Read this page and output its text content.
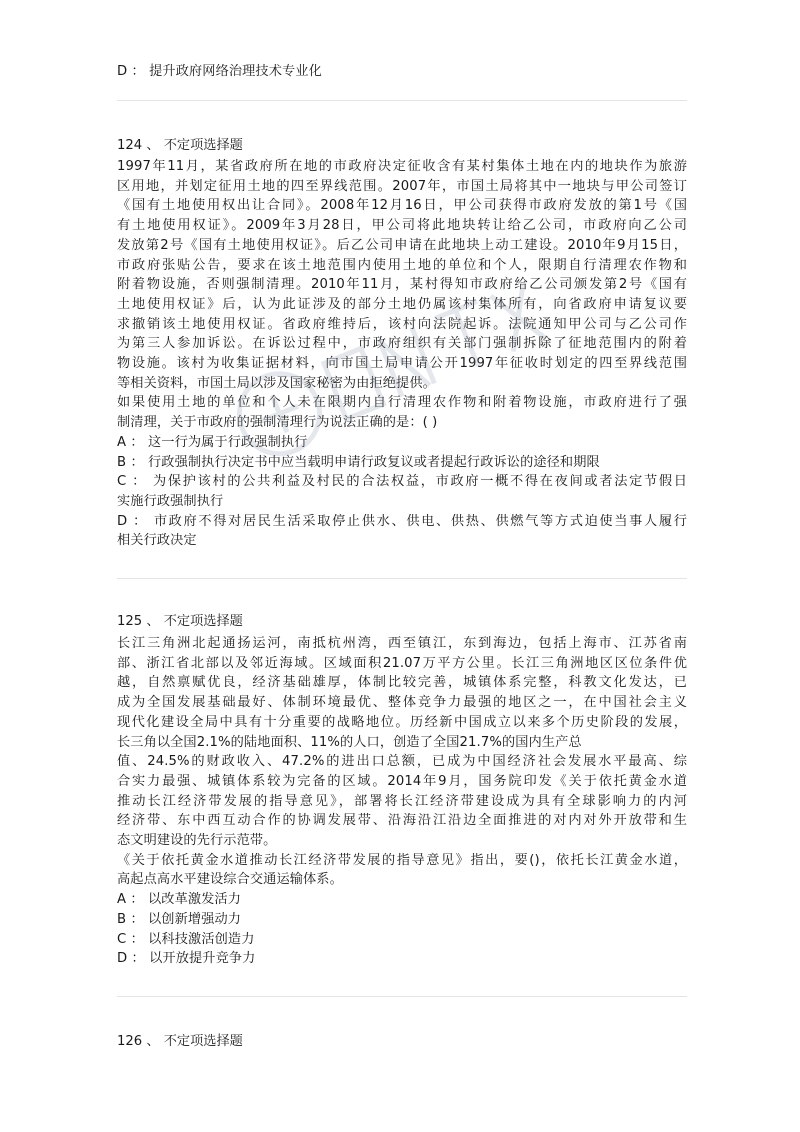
D ： 提升政府网络治理技术专业化
124 、 不定项选择题
1997年11月，某省政府所在地的市政府决定征收含有某村集体土地在内的地块作为旅游
区用地，并划定征用土地的四至界线范围。2007年，市国土局将其中一地块与甲公司签订
《国有土地使用权出让合同》。2008年12月16日，甲公司获得市政府发放的第1号《国
有土地使用权证》。2009年3月28日，甲公司将此地块转让给乙公司，市政府向乙公司
发放第2号《国有土地使用权证》。后乙公司申请在此地块上动工建设。2010年9月15日，
市政府张贴公告，要求在该土地范围内使用土地的单位和个人，限期自行清理农作物和
附着物设施，否则强制清理。2010年11月，某村得知市政府给乙公司颁发第2号《国有
土地使用权证》后，认为此证涉及的部分土地仍属该村集体所有，向省政府申请复议要
求撤销该土地使用权证。省政府维持后，该村向法院起诉。法院通知甲公司与乙公司作
为第三人参加诉讼。在诉讼过程中，市政府组织有关部门强制拆除了征地范围内的附着
物设施。该村为收集证据材料，向市国土局申请公开1997年征收时划定的四至界线范围
等相关资料，市国土局以涉及国家秘密为由拒绝提供。
如果使用土地的单位和个人未在限期内自行清理农作物和附着物设施，市政府进行了强
制清理，关于市政府的强制清理行为说法正确的是：( )
A ： 这一行为属于行政强制执行
B ： 行政强制执行决定书中应当载明申请行政复议或者提起行政诉讼的途径和期限
C ： 为保护该村的公共利益及村民的合法权益，市政府一概不得在夜间或者法定节假日
实施行政强制执行
D ： 市政府不得对居民生活采取停止供水、供电、供热、供燃气等方式迫使当事人履行
相关行政决定
125 、 不定项选择题
长江三角洲北起通扬运河，南抵杭州湾，西至镇江，东到海边，包括上海市、江苏省南
部、浙江省北部以及邻近海域。区域面积21.07万平方公里。长江三角洲地区区位条件优
越，自然禀赋优良，经济基础雄厚，体制比较完善，城镇体系完整，科教文化发达，已
成为全国发展基础最好、体制环境最优、整体竞争力最强的地区之一，在中国社会主义
现代化建设全局中具有十分重要的战略地位。历经新中国成立以来多个历史阶段的发展，
长三角以全国2.1%的陆地面积、11%的人口，创造了全国21.7%的国内生产总
值、24.5%的财政收入、47.2%的进出口总额，已成为中国经济社会发展水平最高、综
合实力最强、城镇体系较为完备的区域。2014年9月，国务院印发《关于依托黄金水道
推动长江经济带发展的指导意见》，部署将长江经济带建设成为具有全球影响力的内河
经济带、东中西互动合作的协调发展带、沿海沿江沿边全面推进的对内对外开放带和生
态文明建设的先行示范带。
《关于依托黄金水道推动长江经济带发展的指导意见》指出，要()，依托长江黄金水道，
高起点高水平建设综合交通运输体系。
A ： 以改革激发活力
B ： 以创新增强动力
C ： 以科技激活创造力
D ： 以开放提升竞争力
126 、 不定项选择题
